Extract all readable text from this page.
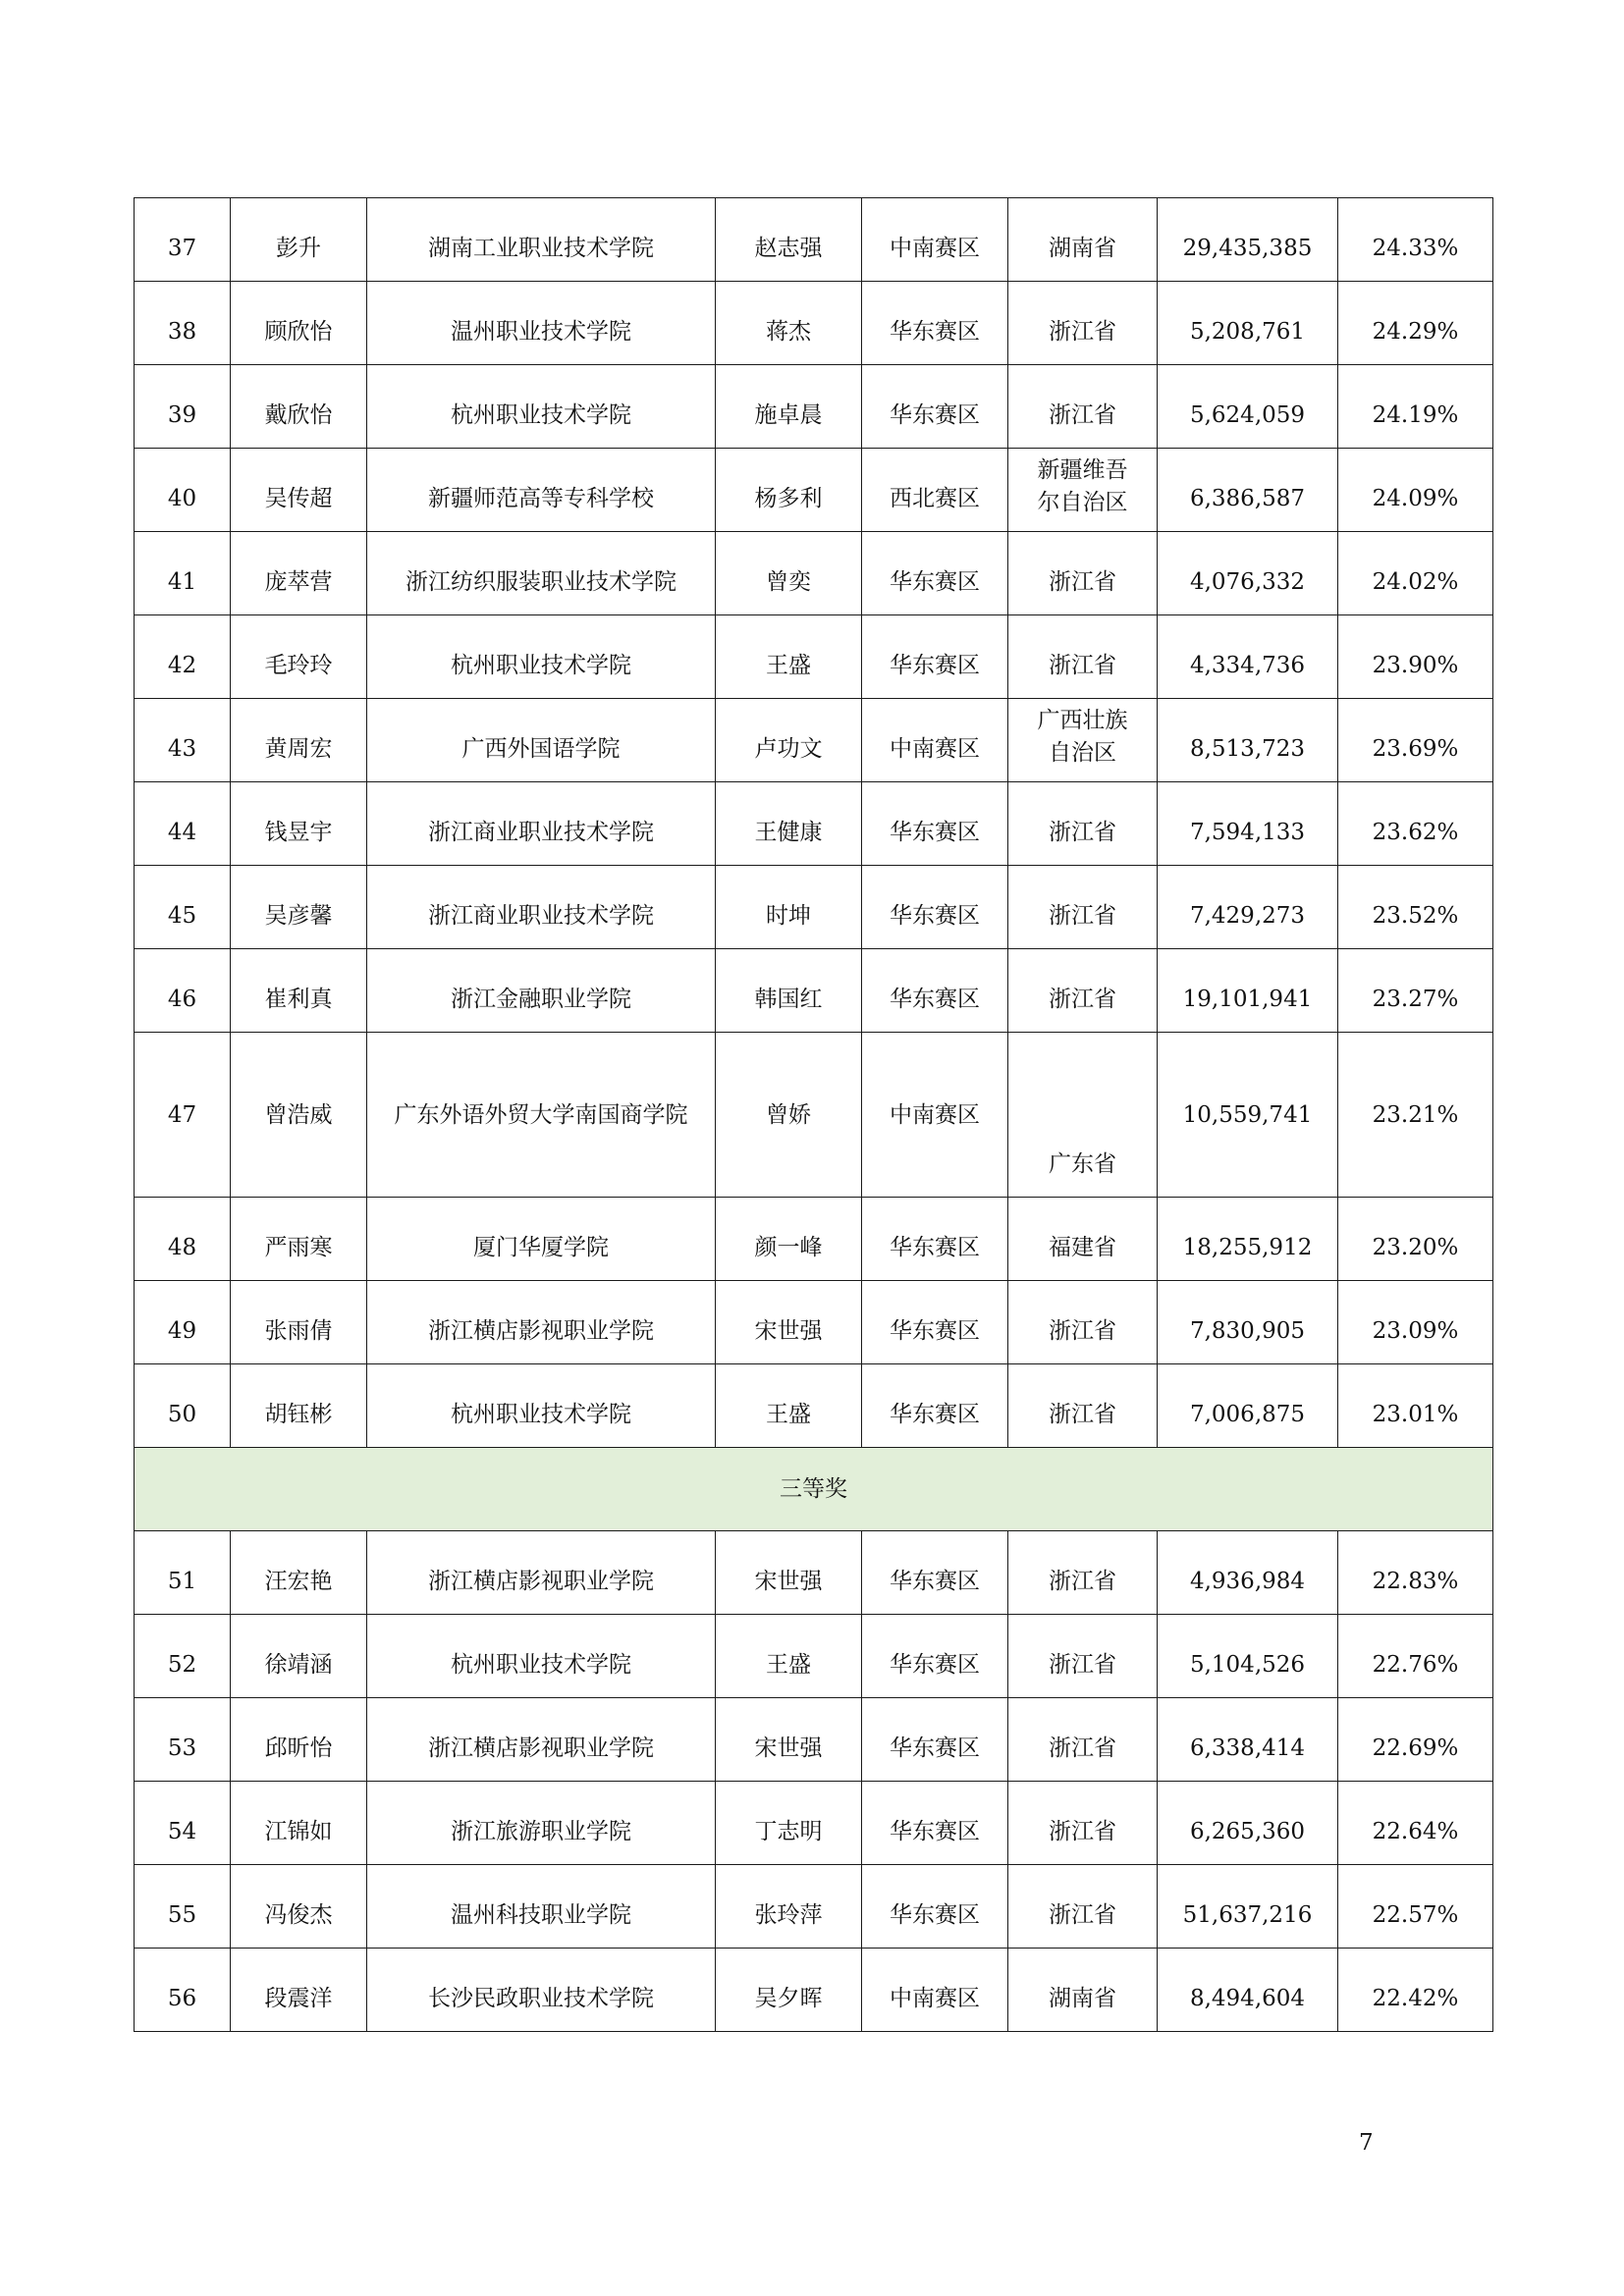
37	彭升	湖南工业职业技术学院	赵志强	中南赛区	湖南省	29,435,385	24.33%
38	顾欣怡	温州职业技术学院	蒋杰	华东赛区	浙江省	5,208,761	24.29%
39	戴欣怡	杭州职业技术学院	施卓晨	华东赛区	浙江省	5,624,059	24.19%
40	吴传超	新疆师范高等专科学校	杨多利	西北赛区	新疆维吾尔自治区	6,386,587	24.09%
41	庞萃营	浙江纺织服装职业技术学院	曾奕	华东赛区	浙江省	4,076,332	24.02%
42	毛玲玲	杭州职业技术学院	王盛	华东赛区	浙江省	4,334,736	23.90%
43	黄周宏	广西外国语学院	卢功文	中南赛区	广西壮族自治区	8,513,723	23.69%
44	钱昱宇	浙江商业职业技术学院	王健康	华东赛区	浙江省	7,594,133	23.62%
45	吴彦馨	浙江商业职业技术学院	时坤	华东赛区	浙江省	7,429,273	23.52%
46	崔利真	浙江金融职业学院	韩国红	华东赛区	浙江省	19,101,941	23.27%
47	曾浩威	广东外语外贸大学南国商学院	曾娇	中南赛区	广东省	10,559,741	23.21%
48	严雨寒	厦门华厦学院	颜一峰	华东赛区	福建省	18,255,912	23.20%
49	张雨倩	浙江横店影视职业学院	宋世强	华东赛区	浙江省	7,830,905	23.09%
50	胡钰彬	杭州职业技术学院	王盛	华东赛区	浙江省	7,006,875	23.01%
三等奖							
51	汪宏艳	浙江横店影视职业学院	宋世强	华东赛区	浙江省	4,936,984	22.83%
52	徐靖涵	杭州职业技术学院	王盛	华东赛区	浙江省	5,104,526	22.76%
53	邱昕怡	浙江横店影视职业学院	宋世强	华东赛区	浙江省	6,338,414	22.69%
54	江锦如	浙江旅游职业学院	丁志明	华东赛区	浙江省	6,265,360	22.64%
55	冯俊杰	温州科技职业学院	张玲萍	华东赛区	浙江省	51,637,216	22.57%
56	段震洋	长沙民政职业技术学院	吴夕晖	中南赛区	湖南省	8,494,604	22.42%
7
